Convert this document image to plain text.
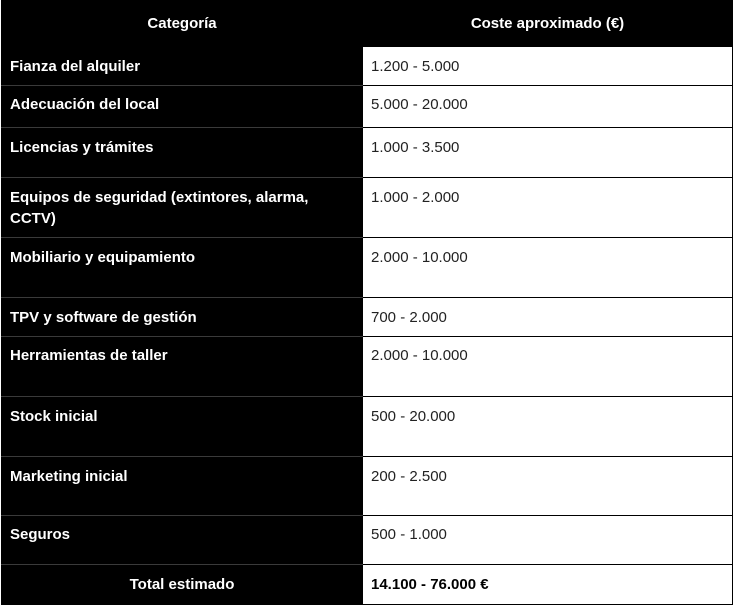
Categoría	Coste aproximado (€)
Fianza del alquiler	1.200 - 5.000
Adecuación del local	5.000 - 20.000
Licencias y trámites	1.000 - 3.500
Equipos de seguridad (extintores, alarma, CCTV)	1.000 - 2.000
Mobiliario y equipamiento	2.000 - 10.000
TPV y software de gestión	700 - 2.000
Herramientas de taller	2.000 - 10.000
Stock inicial	500 - 20.000
Marketing inicial	200 - 2.500
Seguros	500 - 1.000
Total estimado	14.100 - 76.000 €
